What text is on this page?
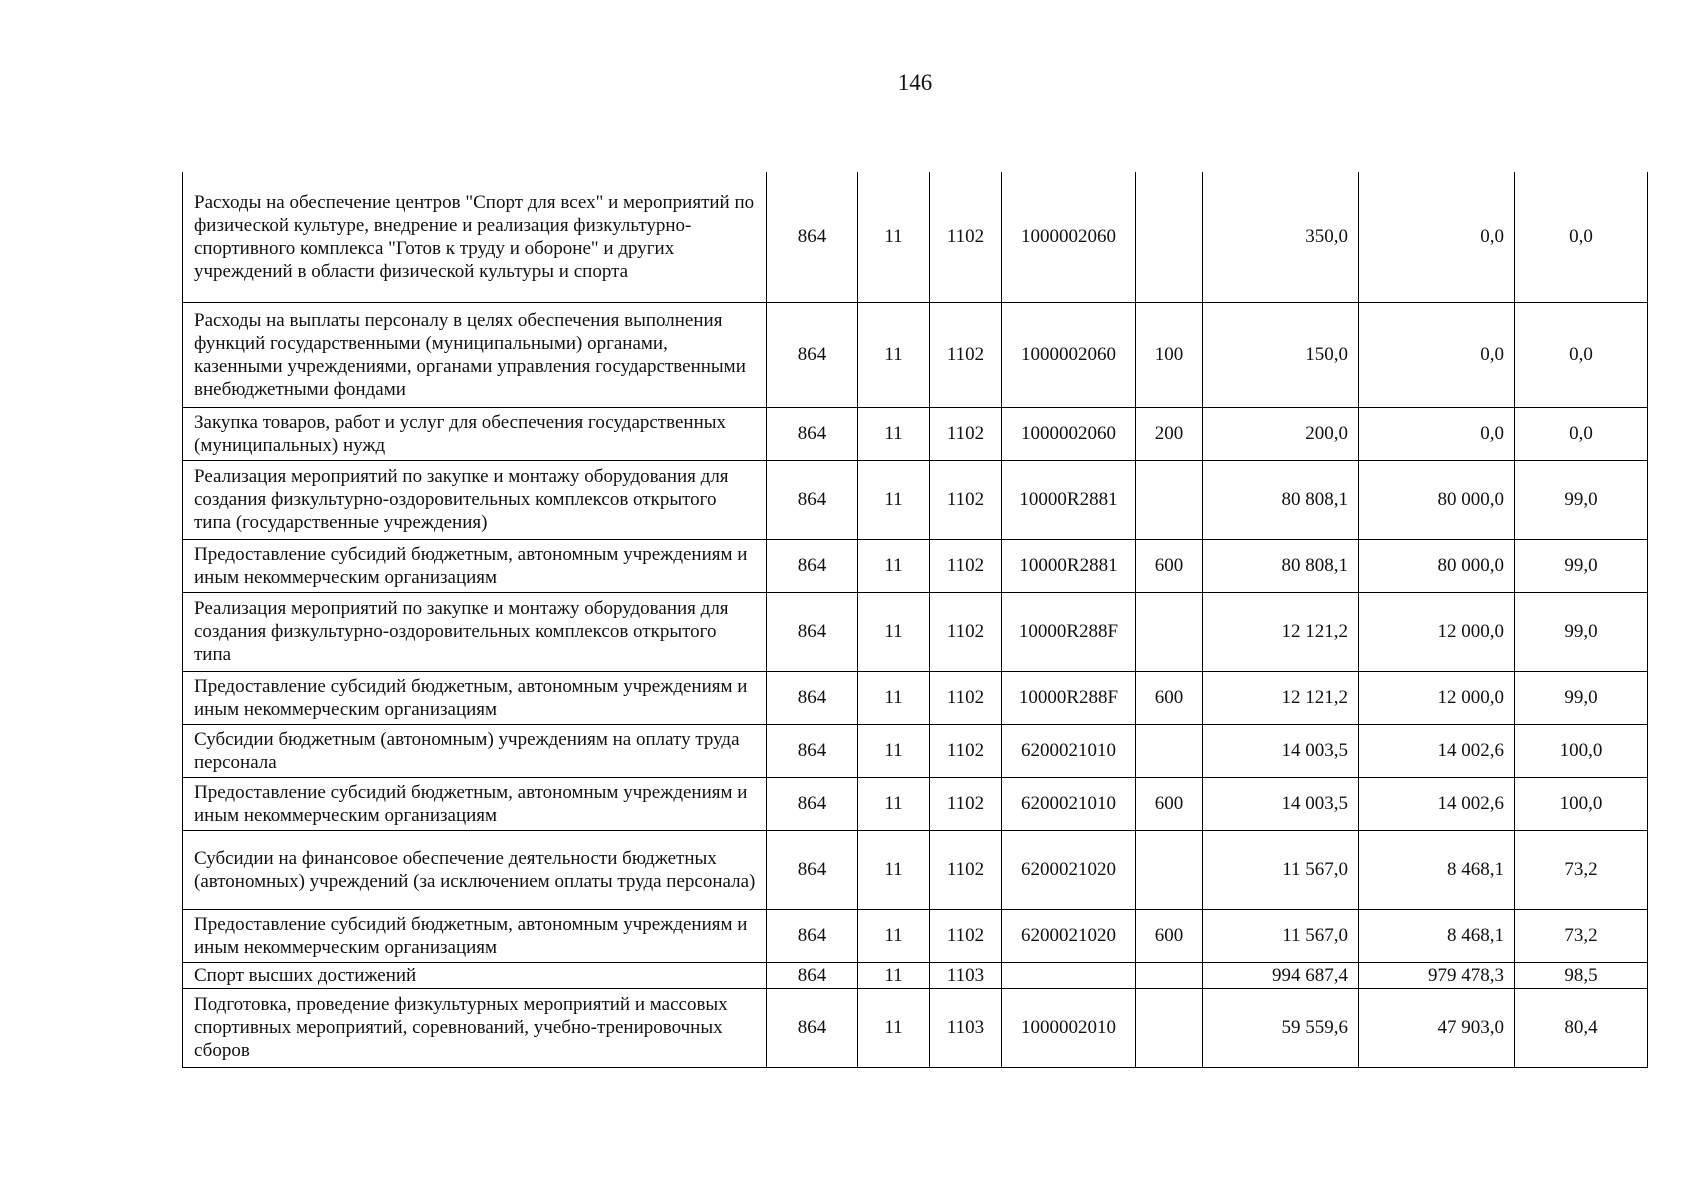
146
Расходы на обеспечение центров "Спорт для всех" и мероприятий по физической культуре, внедрение и реализация физкультурно-спортивного комплекса "Готов к труду и обороне" и других учреждений в области физической культуры и спорта	864	11	1102	1000002060		350,0	0,0	0,0
Расходы на выплаты персоналу в целях обеспечения выполнения функций государственными (муниципальными) органами, казенными учреждениями, органами управления государственными внебюджетными фондами	864	11	1102	1000002060	100	150,0	0,0	0,0
Закупка товаров, работ и услуг для обеспечения государственных (муниципальных) нужд	864	11	1102	1000002060	200	200,0	0,0	0,0
Реализация мероприятий по закупке и монтажу оборудования для создания физкультурно-оздоровительных комплексов открытого типа (государственные учреждения)	864	11	1102	10000R2881		80 808,1	80 000,0	99,0
Предоставление субсидий бюджетным, автономным учреждениям и иным некоммерческим организациям	864	11	1102	10000R2881	600	80 808,1	80 000,0	99,0
Реализация мероприятий по закупке и монтажу оборудования для создания физкультурно-оздоровительных комплексов открытого типа	864	11	1102	10000R288F		12 121,2	12 000,0	99,0
Предоставление субсидий бюджетным, автономным учреждениям и иным некоммерческим организациям	864	11	1102	10000R288F	600	12 121,2	12 000,0	99,0
Субсидии бюджетным (автономным) учреждениям на оплату труда персонала	864	11	1102	6200021010		14 003,5	14 002,6	100,0
Предоставление субсидий бюджетным, автономным учреждениям и иным некоммерческим организациям	864	11	1102	6200021010	600	14 003,5	14 002,6	100,0
Субсидии на финансовое обеспечение деятельности бюджетных (автономных) учреждений (за исключением оплаты труда персонала)	864	11	1102	6200021020		11 567,0	8 468,1	73,2
Предоставление субсидий бюджетным, автономным учреждениям и иным некоммерческим организациям	864	11	1102	6200021020	600	11 567,0	8 468,1	73,2
Спорт высших достижений	864	11	1103			994 687,4	979 478,3	98,5
Подготовка, проведение физкультурных мероприятий и массовых спортивных мероприятий, соревнований, учебно-тренировочных сборов	864	11	1103	1000002010		59 559,6	47 903,0	80,4
